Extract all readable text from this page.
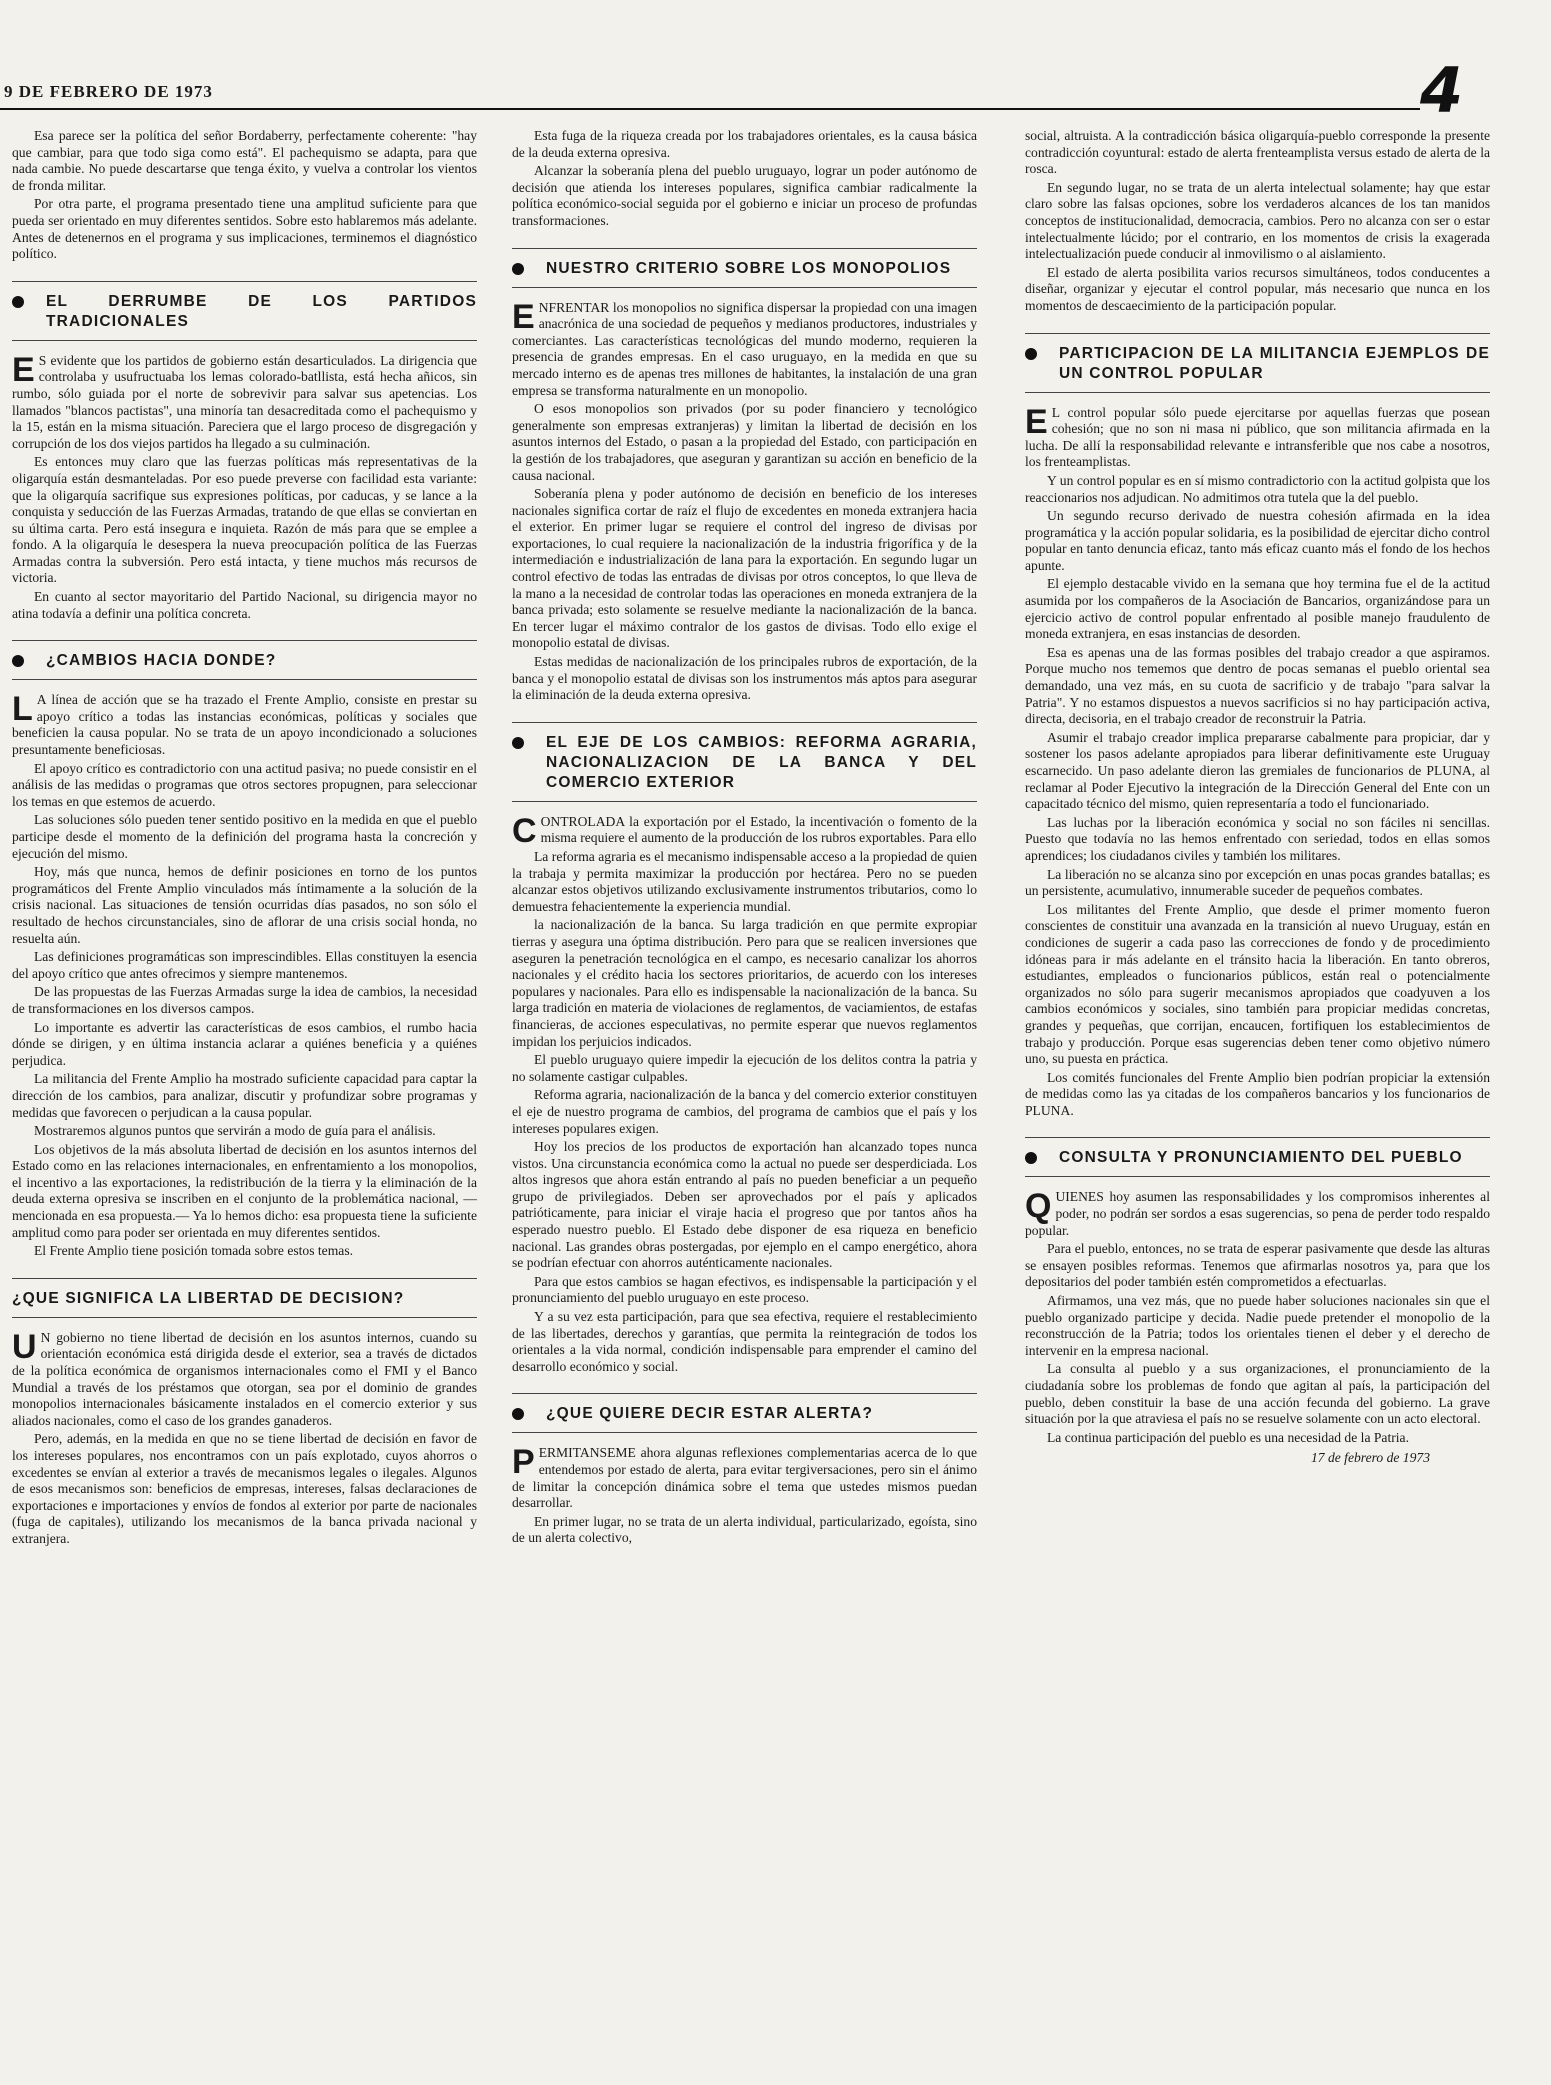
9 DE FEBRERO DE 1973	4

Esa parece ser la política del señor Bordaberry, perfectamente coherente: "hay que cambiar, para que todo siga como está". El pachequismo se adapta, para que nada cambie. No puede descartarse que tenga éxito, y vuelva a controlar los vientos de fronda militar.

Por otra parte, el programa presentado tiene una amplitud suficiente para que pueda ser orientado en muy diferentes sentidos. Sobre esto hablaremos más adelante. Antes de detenernos en el programa y sus implicaciones, terminemos el diagnóstico político.

EL DERRUMBE DE LOS PARTIDOS TRADICIONALES
E S evidente que los partidos de gobierno están desarticulados. La dirigencia que controlaba y usufructuaba los lemas colorado-batllista, está hecha añicos, sin rumbo, sólo guiada por el norte de sobrevivir para salvar sus apetencias. Los llamados "blancos pactistas", una minoría tan desacreditada como el pachequismo y la 15, están en la misma situación. Pareciera que el largo proceso de disgregación y corrupción de los dos viejos partidos ha llegado a su culminación.

Es entonces muy claro que las fuerzas políticas más representativas de la oligarquía están desmanteladas. Por eso puede preverse con facilidad esta variante: que la oligarquía sacrifique sus expresiones políticas, por caducas, y se lance a la conquista y seducción de las Fuerzas Armadas, tratando de que ellas se conviertan en su última carta. Pero está insegura e inquieta. Razón de más para que se emplee a fondo. A la oligarquía le desespera la nueva preocupación política de las Fuerzas Armadas contra la subversión. Pero está intacta, y tiene muchos más recursos de victoria.

En cuanto al sector mayoritario del Partido Nacional, su dirigencia mayor no atina todavía a definir una política concreta.

¿CAMBIOS HACIA DONDE?
L A línea de acción que se ha trazado el Frente Amplio, consiste en prestar su apoyo crítico a todas las instancias económicas, políticas y sociales que beneficien la causa popular. No se trata de un apoyo incondicionado a soluciones presuntamente beneficiosas.

El apoyo crítico es contradictorio con una actitud pasiva; no puede consistir en el análisis de las medidas o programas que otros sectores propugnen, para seleccionar los temas en que estemos de acuerdo.

Las soluciones sólo pueden tener sentido positivo en la medida en que el pueblo participe desde el momento de la definición del programa hasta la concreción y ejecución del mismo.

Hoy, más que nunca, hemos de definir posiciones en torno de los puntos programáticos del Frente Amplio vinculados más íntimamente a la solución de la crisis nacional. Las situaciones de tensión ocurridas días pasados, no son sólo el resultado de hechos circunstanciales, sino de aflorar de una crisis social honda, no resuelta aún.

Las definiciones programáticas son imprescindibles. Ellas constituyen la esencia del apoyo crítico que antes ofrecimos y siempre mantenemos.

De las propuestas de las Fuerzas Armadas surge la idea de cambios, la necesidad de transformaciones en los diversos campos.

Lo importante es advertir las características de esos cambios, el rumbo hacia dónde se dirigen, y en última instancia aclarar a quiénes beneficia y a quiénes perjudica.

La militancia del Frente Amplio ha mostrado suficiente capacidad para captar la dirección de los cambios, para analizar, discutir y profundizar sobre programas y medidas que favorecen o perjudican a la causa popular.

Mostraremos algunos puntos que servirán a modo de guía para el análisis.

Los objetivos de la más absoluta libertad de decisión en los asuntos internos del Estado como en las relaciones internacionales, en enfrentamiento a los monopolios, el incentivo a las exportaciones, la redistribución de la tierra y la eliminación de la deuda externa opresiva se inscriben en el conjunto de la problemática nacional, —mencionada en esa propuesta.— Ya lo hemos dicho: esa propuesta tiene la suficiente amplitud como para poder ser orientada en muy diferentes sentidos.

El Frente Amplio tiene posición tomada sobre estos temas.

¿QUE SIGNIFICA LA LIBERTAD DE DECISION?
U N gobierno no tiene libertad de decisión en los asuntos internos, cuando su orientación económica está dirigida desde el exterior, sea a través de dictados de la política económica de organismos internacionales como el FMI y el Banco Mundial a través de los préstamos que otorgan, sea por el dominio de grandes monopolios internacionales básicamente instalados en el comercio exterior y sus aliados nacionales, como el caso de los grandes ganaderos.

Pero, además, en la medida en que no se tiene libertad de decisión en favor de los intereses populares, nos encontramos con un país explotado, cuyos ahorros o excedentes se envían al exterior a través de mecanismos legales o ilegales. Algunos de esos mecanismos son: beneficios de empresas, intereses, falsas declaraciones de exportaciones e importaciones y envíos de fondos al exterior por parte de nacionales (fuga de capitales), utilizando los mecanismos de la banca privada nacional y extranjera.

Esta fuga de la riqueza creada por los trabajadores orientales, es la causa básica de la deuda externa opresiva.

Alcanzar la soberanía plena del pueblo uruguayo, lograr un poder autónomo de decisión que atienda los intereses populares, significa cambiar radicalmente la política económico-social seguida por el gobierno e iniciar un proceso de profundas transformaciones.

NUESTRO CRITERIO SOBRE LOS MONOPOLIOS
E NFRENTAR los monopolios no significa dispersar la propiedad con una imagen anacrónica de una sociedad de pequeños y medianos productores, industriales y comerciantes. Las características tecnológicas del mundo moderno, requieren la presencia de grandes empresas. En el caso uruguayo, en la medida en que su mercado interno es de apenas tres millones de habitantes, la instalación de una gran empresa se transforma naturalmente en un monopolio.

O esos monopolios son privados (por su poder financiero y tecnológico generalmente son empresas extranjeras) y limitan la libertad de decisión en los asuntos internos del Estado, o pasan a la propiedad del Estado, con participación en la gestión de los trabajadores, que aseguran y garantizan su acción en beneficio de la causa nacional.

Soberanía plena y poder autónomo de decisión en beneficio de los intereses nacionales significa cortar de raíz el flujo de excedentes en moneda extranjera hacia el exterior. En primer lugar se requiere el control del ingreso de divisas por exportaciones, lo cual requiere la nacionalización de la industria frigorífica y de la intermediación e industrialización de lana para la exportación. En segundo lugar un control efectivo de todas las entradas de divisas por otros conceptos, lo que lleva de la mano a la necesidad de controlar todas las operaciones en moneda extranjera de la banca privada; esto solamente se resuelve mediante la nacionalización de la banca. En tercer lugar el máximo contralor de los gastos de divisas. Todo ello exige el monopolio estatal de divisas.

Estas medidas de nacionalización de los principales rubros de exportación, de la banca y el monopolio estatal de divisas son los instrumentos más aptos para asegurar la eliminación de la deuda externa opresiva.

EL EJE DE LOS CAMBIOS: REFORMA AGRARIA, NACIONALIZACION DE LA BANCA Y DEL COMERCIO EXTERIOR
C ONTROLADA la exportación por el Estado, la incentivación o fomento de la misma requiere el aumento de la producción de los rubros exportables. Para ello

La reforma agraria es el mecanismo indispensable acceso a la propiedad de quien la trabaja y permita maximizar la producción por hectárea. Pero no se pueden alcanzar estos objetivos utilizando exclusivamente instrumentos tributarios, como lo demuestra fehacientemente la experiencia mundial.

la nacionalización de la banca. Su larga tradición en que permite expropiar tierras y asegura una óptima distribución. Pero para que se realicen inversiones que aseguren la penetración tecnológica en el campo, es necesario canalizar los ahorros nacionales y el crédito hacia los sectores prioritarios, de acuerdo con los intereses populares y nacionales. Para ello es indispensable la nacionalización de la banca. Su larga tradición en materia de violaciones de reglamentos, de vaciamientos, de estafas financieras, de acciones especulativas, no permite esperar que nuevos reglamentos impidan los perjuicios indicados.

El pueblo uruguayo quiere impedir la ejecución de los delitos contra la patria y no solamente castigar culpables.

Reforma agraria, nacionalización de la banca y del comercio exterior constituyen el eje de nuestro programa de cambios, del programa de cambios que el país y los intereses populares exigen.

Hoy los precios de los productos de exportación han alcanzado topes nunca vistos. Una circunstancia económica como la actual no puede ser desperdiciada. Los altos ingresos que ahora están entrando al país no pueden beneficiar a un pequeño grupo de privilegiados. Deben ser aprovechados por el país y aplicados patrióticamente, para iniciar el viraje hacia el progreso que por tantos años ha esperado nuestro pueblo. El Estado debe disponer de esa riqueza en beneficio nacional. Las grandes obras postergadas, por ejemplo en el campo energético, ahora se podrían efectuar con ahorros auténticamente nacionales.

Para que estos cambios se hagan efectivos, es indispensable la participación y el pronunciamiento del pueblo uruguayo en este proceso.

Y a su vez esta participación, para que sea efectiva, requiere el restablecimiento de las libertades, derechos y garantías, que permita la reintegración de todos los orientales a la vida normal, condición indispensable para emprender el camino del desarrollo económico y social.

¿QUE QUIERE DECIR ESTAR ALERTA?
P ERMITANSEME ahora algunas reflexiones complementarias acerca de lo que entendemos por estado de alerta, para evitar tergiversaciones, pero sin el ánimo de limitar la concepción dinámica sobre el tema que ustedes mismos puedan desarrollar.

En primer lugar, no se trata de un alerta individual, particularizado, egoísta, sino de un alerta colectivo,

social, altruista. A la contradicción básica oligarquía-pueblo corresponde la presente contradicción coyuntural: estado de alerta frenteamplista versus estado de alerta de la rosca.

En segundo lugar, no se trata de un alerta intelectual solamente; hay que estar claro sobre las falsas opciones, sobre los verdaderos alcances de los tan manidos conceptos de institucionalidad, democracia, cambios. Pero no alcanza con ser o estar intelectualmente lúcido; por el contrario, en los momentos de crisis la exagerada intelectualización puede conducir al inmovilismo o al aislamiento.

El estado de alerta posibilita varios recursos simultáneos, todos conducentes a diseñar, organizar y ejecutar el control popular, más necesario que nunca en los momentos de descaecimiento de la participación popular.

PARTICIPACION DE LA MILITANCIA EJEMPLOS DE UN CONTROL POPULAR
E L control popular sólo puede ejercitarse por aquellas fuerzas que posean cohesión; que no son ni masa ni público, que son militancia afirmada en la lucha. De allí la responsabilidad relevante e intransferible que nos cabe a nosotros, los frenteamplistas.

Y un control popular es en sí mismo contradictorio con la actitud golpista que los reaccionarios nos adjudican. No admitimos otra tutela que la del pueblo.

Un segundo recurso derivado de nuestra cohesión afirmada en la idea programática y la acción popular solidaria, es la posibilidad de ejercitar dicho control popular en tanto denuncia eficaz, tanto más eficaz cuanto más el fondo de los hechos apunte.

El ejemplo destacable vivido en la semana que hoy termina fue el de la actitud asumida por los compañeros de la Asociación de Bancarios, organizándose para un ejercicio activo de control popular enfrentado al posible manejo fraudulento de moneda extranjera, en esas instancias de desorden.

Esa es apenas una de las formas posibles del trabajo creador a que aspiramos. Porque mucho nos tememos que dentro de pocas semanas el pueblo oriental sea demandado, una vez más, en su cuota de sacrificio y de trabajo "para salvar la Patria". Y no estamos dispuestos a nuevos sacrificios si no hay participación activa, directa, decisoria, en el trabajo creador de reconstruir la Patria.

Asumir el trabajo creador implica prepararse cabalmente para propiciar, dar y sostener los pasos adelante apropiados para liberar definitivamente este Uruguay escarnecido. Un paso adelante dieron las gremiales de funcionarios de PLUNA, al reclamar al Poder Ejecutivo la integración de la Dirección General del Ente con un capacitado técnico del mismo, quien representaría a todo el funcionariado.

Las luchas por la liberación económica y social no son fáciles ni sencillas. Puesto que todavía no las hemos enfrentado con seriedad, todos en ellas somos aprendices; los ciudadanos civiles y también los militares.

La liberación no se alcanza sino por excepción en unas pocas grandes batallas; es un persistente, acumulativo, innumerable suceder de pequeños combates.

Los militantes del Frente Amplio, que desde el primer momento fueron conscientes de constituir una avanzada en la transición al nuevo Uruguay, están en condiciones de sugerir a cada paso las correcciones de fondo y de procedimiento idóneas para ir más adelante en el tránsito hacia la liberación. En tanto obreros, estudiantes, empleados o funcionarios públicos, están real o potencialmente organizados no sólo para sugerir mecanismos apropiados que coadyuven a los cambios económicos y sociales, sino también para propiciar medidas concretas, grandes y pequeñas, que corrijan, encaucen, fortifiquen los establecimientos de trabajo y producción. Porque esas sugerencias deben tener como objetivo número uno, su puesta en práctica.

Los comités funcionales del Frente Amplio bien podrían propiciar la extensión de medidas como las ya citadas de los compañeros bancarios y los funcionarios de PLUNA.

CONSULTA Y PRONUNCIAMIENTO DEL PUEBLO
Q UIENES hoy asumen las responsabilidades y los compromisos inherentes al poder, no podrán ser sordos a esas sugerencias, so pena de perder todo respaldo popular.

Para el pueblo, entonces, no se trata de esperar pasivamente que desde las alturas se ensayen posibles reformas. Tenemos que afirmarlas nosotros ya, para que los depositarios del poder también estén comprometidos a efectuarlas.

Afirmamos, una vez más, que no puede haber soluciones nacionales sin que el pueblo organizado participe y decida. Nadie puede pretender el monopolio de la reconstrucción de la Patria; todos los orientales tienen el deber y el derecho de intervenir en la empresa nacional.

La consulta al pueblo y a sus organizaciones, el pronunciamiento de la ciudadanía sobre los problemas de fondo que agitan al país, la participación del pueblo, deben constituir la base de una acción fecunda del gobierno. La grave situación por la que atraviesa el país no se resuelve solamente con un acto electoral.

La continua participación del pueblo es una necesidad de la Patria.

17 de febrero de 1973
